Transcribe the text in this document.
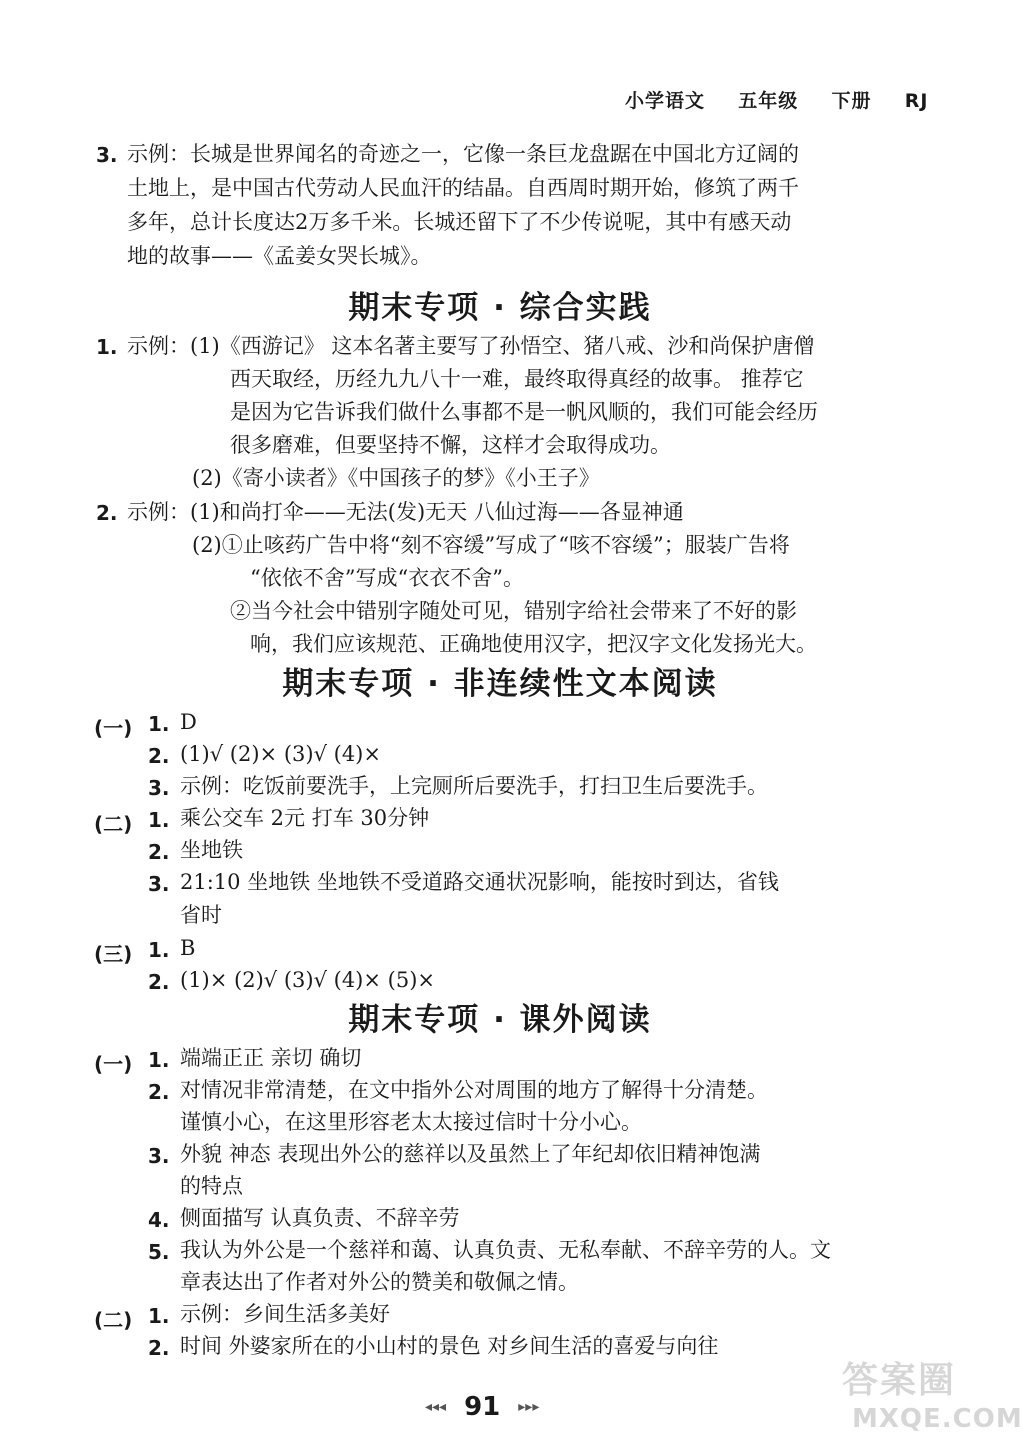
小学语文 五年级 下册 RJ
3. 示例：长城是世界闻名的奇迹之一，它像一条巨龙盘踞在中国北方辽阔的
土地上，是中国古代劳动人民血汗的结晶。自西周时期开始，修筑了两千
多年，总计长度达2万多千米。长城还留下了不少传说呢，其中有感天动
地的故事——《孟姜女哭长城》。
期末专项 · 综合实践
1. 示例：(1)《西游记》 这本名著主要写了孙悟空、猪八戒、沙和尚保护唐僧
西天取经，历经九九八十一难，最终取得真经的故事。 推荐它
是因为它告诉我们做什么事都不是一帆风顺的，我们可能会经历
很多磨难，但要坚持不懈，这样才会取得成功。
(2)《寄小读者》《中国孩子的梦》《小王子》
2. 示例：(1)和尚打伞——无法(发)无天 八仙过海——各显神通
(2)①止咳药广告中将“刻不容缓”写成了“咳不容缓”；服装广告将
“依依不舍”写成“衣衣不舍”。
②当今社会中错别字随处可见，错别字给社会带来了不好的影
响，我们应该规范、正确地使用汉字，把汉字文化发扬光大。
期末专项 · 非连续性文本阅读
(一) 1. D
2. (1)√ (2)× (3)√ (4)×
3. 示例：吃饭前要洗手，上完厕所后要洗手，打扫卫生后要洗手。
(二) 1. 乘公交车 2元 打车 30分钟
2. 坐地铁
3. 21:10 坐地铁 坐地铁不受道路交通状况影响，能按时到达，省钱
省时
(三) 1. B
2. (1)× (2)√ (3)√ (4)× (5)×
期末专项 · 课外阅读
(一) 1. 端端正正 亲切 确切
2. 对情况非常清楚，在文中指外公对周围的地方了解得十分清楚。
谨慎小心，在这里形容老太太接过信时十分小心。
3. 外貌 神态 表现出外公的慈祥以及虽然上了年纪却依旧精神饱满
的特点
4. 侧面描写 认真负责、不辞辛劳
5. 我认为外公是一个慈祥和蔼、认真负责、无私奉献、不辞辛劳的人。文
章表达出了作者对外公的赞美和敬佩之情。
(二) 1. 示例：乡间生活多美好
2. 时间 外婆家所在的小山村的景色 对乡间生活的喜爱与向往
◂◂◂ 91 ▸▸▸
答案圈
MXQE.COM
